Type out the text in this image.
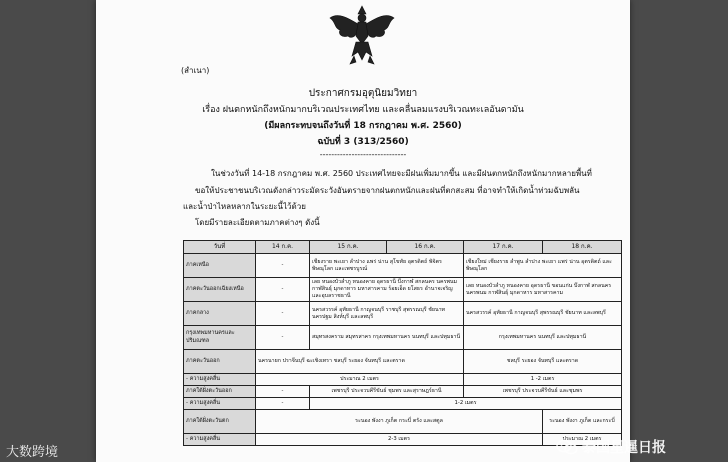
(สำเนา)
ประกาศกรมอุตุนิยมวิทยา
เรื่อง ฝนตกหนักถึงหนักมากบริเวณประเทศไทย และคลื่นลมแรงบริเวณทะเลอันดามัน
(มีผลกระทบจนถึงวันที่ 18 กรกฎาคม พ.ศ. 2560)
ฉบับที่ 3 (313/2560)
------------------------------
ในช่วงวันที่ 14-18 กรกฎาคม พ.ศ. 2560 ประเทศไทยจะมีฝนเพิ่มมากขึ้น และมีฝนตกหนักถึงหนักมากหลายพื้นที่
ขอให้ประชาชนบริเวณดังกล่าวระมัดระวังอันตรายจากฝนตกหนักและฝนที่ตกสะสม ที่อาจทำให้เกิดน้ำท่วมฉับพลัน
และน้ำป่าไหลหลากในระยะนี้ไว้ด้วย
โดยมีรายละเอียดตามภาคต่างๆ ดังนี้
วันที่	14 ก.ค.	15 ก.ค.	16 ก.ค.	17 ก.ค.	18 ก.ค.
ภาคเหนือ	-	เชียงราย พะเยา ลำปาง แพร่ น่าน สุโขทัย อุตรดิตถ์ พิจิตร พิษณุโลก และเพชรบูรณ์		เชียงใหม่ เชียงราย ลำพูน ลำปาง พะเยา แพร่ น่าน อุตรดิตถ์ และพิษณุโลก	
ภาคตะวันออกเฉียงเหนือ	-	เลย หนองบัวลำภู หนองคาย อุดรธานี บึงกาฬ สกลนคร นครพนม กาฬสินธุ์ มุกดาหาร มหาสารคาม ร้อยเอ็ด ยโสธร อำนาจเจริญ และอุบลราชธานี		เลย หนองบัวลำภู หนองคาย อุดรธานี ขอนแก่น บึงกาฬ สกลนคร นครพนม กาฬสินธุ์ มุกดาหาร มหาสารคาม	
ภาคกลาง	-	นครสวรรค์ อุทัยธานี กาญจนบุรี ราชบุรี สุพรรณบุรี ชัยนาท นครปฐม สิงห์บุรี และลพบุรี		นครสวรรค์ อุทัยธานี กาญจนบุรี สุพรรณบุรี ชัยนาท และลพบุรี	
กรุงเทพมหานครและปริมณฑล	-	สมุทรสงคราม สมุทรสาคร กรุงเทพมหานคร นนทบุรี และปทุมธานี		กรุงเทพมหานคร นนทบุรี และปทุมธานี	
ภาคตะวันออก	นครนายก ปราจีนบุรี ฉะเชิงเทรา ชลบุรี ระยอง จันทบุรี และตราด			ชลบุรี ระยอง จันทบุรี และตราด	
- ความสูงคลื่น	ประมาณ 2 เมตร			1 -2 เมตร	
ภาคใต้ฝั่งตะวันออก	-	เพชรบุรี ประจวบคีรีขันธ์ ชุมพร และสุราษฎร์ธานี		เพชรบุรี ประจวบคีรีขันธ์ และชุมพร	
- ความสูงคลื่น	-	1-2 เมตร			
ภาคใต้ฝั่งตะวันตก	ระนอง พังงา ภูเก็ต กระบี่ ตรัง และสตูล				ระนอง พังงา ภูเก็ต และกระบี่
- ความสูงคลื่น	2-3 เมตร				ประมาณ 2 เมตร
大数跨境	泰国星暹日报
